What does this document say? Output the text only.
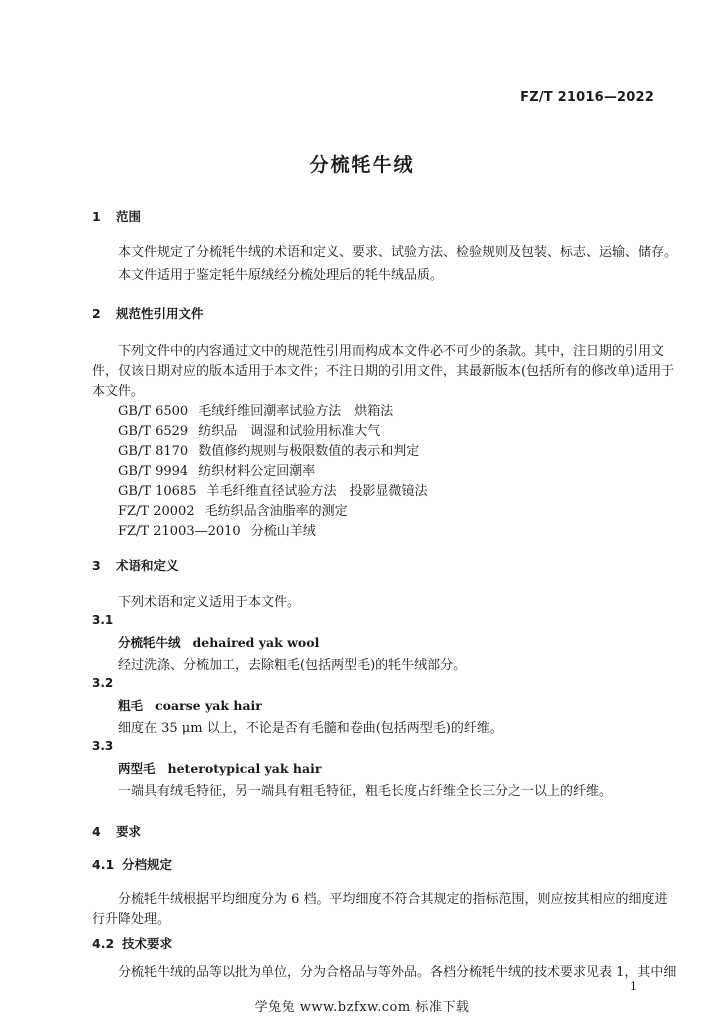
FZ/T 21016—2022
分梳牦牛绒
1 范围
本文件规定了分梳牦牛绒的术语和定义、要求、试验方法、检验规则及包装、标志、运输、储存。
本文件适用于鉴定牦牛原绒经分梳处理后的牦牛绒品质。
2 规范性引用文件
下列文件中的内容通过文中的规范性引用而构成本文件必不可少的条款。其中，注日期的引用文
件，仅该日期对应的版本适用于本文件；不注日期的引用文件，其最新版本(包括所有的修改单)适用于
本文件。
GB/T 6500 毛绒纤维回潮率试验方法　烘箱法
GB/T 6529 纺织品　调湿和试验用标准大气
GB/T 8170 数值修约规则与极限数值的表示和判定
GB/T 9994 纺织材料公定回潮率
GB/T 10685 羊毛纤维直径试验方法　投影显微镜法
FZ/T 20002 毛纺织品含油脂率的测定
FZ/T 21003—2010 分梳山羊绒
3 术语和定义
下列术语和定义适用于本文件。
3.1
分梳牦牛绒 dehaired yak wool
经过洗涤、分梳加工，去除粗毛(包括两型毛)的牦牛绒部分。
3.2
粗毛 coarse yak hair
细度在 35 μm 以上，不论是否有毛髓和卷曲(包括两型毛)的纤维。
3.3
两型毛 heterotypical yak hair
一端具有绒毛特征，另一端具有粗毛特征，粗毛长度占纤维全长三分之一以上的纤维。
4 要求
4.1 分档规定
分梳牦牛绒根据平均细度分为 6 档。平均细度不符合其规定的指标范围，则应按其相应的细度进
行升降处理。
4.2 技术要求
分梳牦牛绒的品等以批为单位，分为合格品与等外品。各档分梳牦牛绒的技术要求见表 1，其中细
1
学兔兔 www.bzfxw.com 标准下载
